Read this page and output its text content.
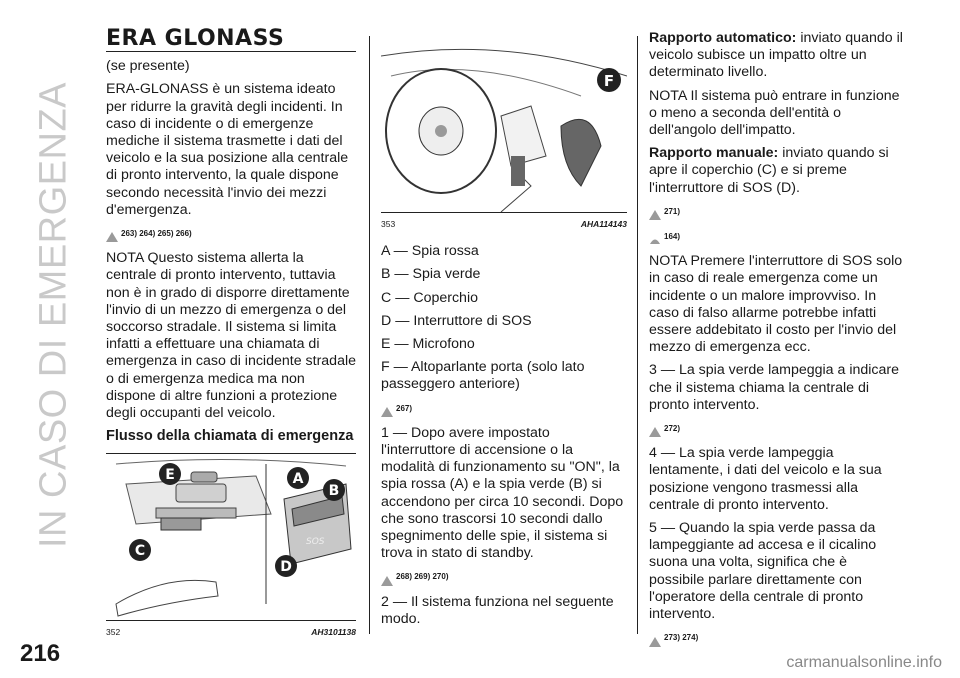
IN CASO DI EMERGENZA
216
ERA GLONASS

(se presente)

ERA-GLONASS è un sistema ideato per ridurre la gravità degli incidenti. In caso di incidente o di emergenze mediche il sistema trasmette i dati del veicolo e la sua posizione alla centrale di pronto intervento, la quale dispone secondo necessità l'invio dei mezzi d'emergenza.

263) 264) 265) 266)

NOTA Questo sistema allerta la centrale di pronto intervento, tuttavia non è in grado di disporre direttamente l'invio di un mezzo di emergenza o del soccorso stradale. Il sistema si limita infatti a effettuare una chiamata di emergenza in caso di incidente stradale o di emergenza medica ma non dispone di altre funzioni a protezione degli occupanti del veicolo.

Flusso della chiamata di emergenza
SOS
E	A
B
C
D
352	AH3101138
F
353	AHA114143

A — Spia rossa

B — Spia verde

C — Coperchio

D — Interruttore di SOS

E — Microfono

F — Altoparlante porta (solo lato passeggero anteriore)

267)

1 — Dopo avere impostato l'interruttore di accensione o la modalità di funzionamento su "ON", la spia rossa (A) e la spia verde (B) si accendono per circa 10 secondi. Dopo che sono trascorsi 10 secondi dallo spegnimento delle spie, il sistema si trova in stato di standby.

268) 269) 270)

2 — Il sistema funziona nel seguente modo.

Rapporto automatico: inviato quando il veicolo subisce un impatto oltre un determinato livello.

NOTA Il sistema può entrare in funzione o meno a seconda dell'entità o dell'angolo dell'impatto.

Rapporto manuale: inviato quando si apre il coperchio (C) e si preme l'interruttore di SOS (D).

271)
164)

NOTA Premere l'interruttore di SOS solo in caso di reale emergenza come un incidente o un malore improvviso. In caso di falso allarme potrebbe infatti essere addebitato il costo per l'invio del mezzo di emergenza ecc.

3 — La spia verde lampeggia a indicare che il sistema chiama la centrale di pronto intervento.

272)

4 — La spia verde lampeggia lentamente, i dati del veicolo e la sua posizione vengono trasmessi alla centrale di pronto intervento.

5 — Quando la spia verde passa da lampeggiante ad accesa e il cicalino suona una volta, significa che è possibile parlare direttamente con l'operatore della centrale di pronto intervento.

273) 274)
carmanualsonline.info
